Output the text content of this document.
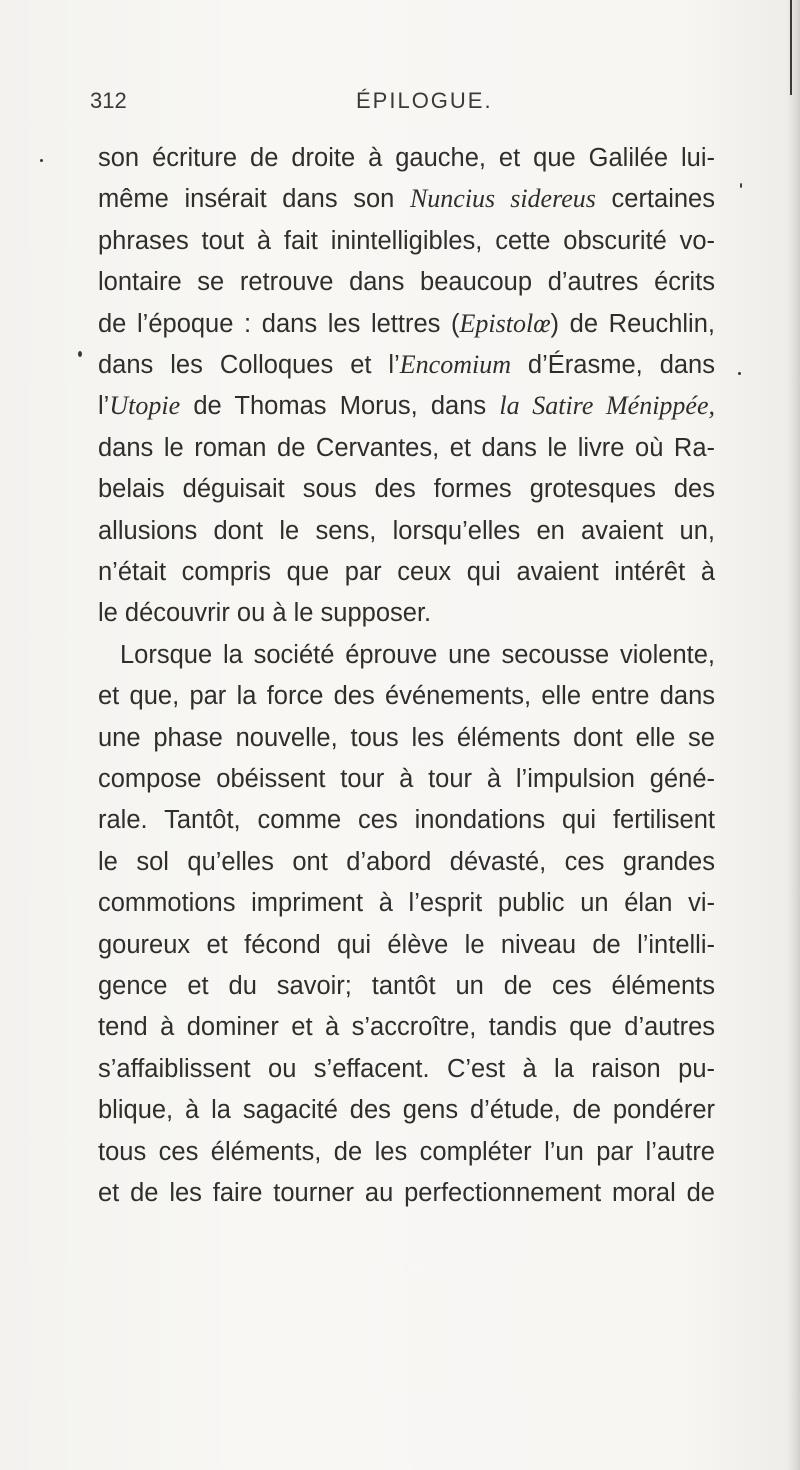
312	ÉPILOGUE.
son écriture de droite à gauche, et que Galilée lui-
même insérait dans son Nuncius sidereus certaines
phrases tout à fait inintelligibles, cette obscurité vo-
lontaire se retrouve dans beaucoup d’autres écrits
de l’époque : dans les lettres (Epistolœ) de Reuchlin,
dans les Colloques et l’Encomium d’Érasme, dans
l’Utopie de Thomas Morus, dans la Satire Ménippée,
dans le roman de Cervantes, et dans le livre où Ra-
belais déguisait sous des formes grotesques des
allusions dont le sens, lorsqu’elles en avaient un,
n’était compris que par ceux qui avaient intérêt à
le découvrir ou à le supposer.
Lorsque la société éprouve une secousse violente,
et que, par la force des événements, elle entre dans
une phase nouvelle, tous les éléments dont elle se
compose obéissent tour à tour à l’impulsion géné-
rale. Tantôt, comme ces inondations qui fertilisent
le sol qu’elles ont d’abord dévasté, ces grandes
commotions impriment à l’esprit public un élan vi-
goureux et fécond qui élève le niveau de l’intelli-
gence et du savoir; tantôt un de ces éléments
tend à dominer et à s’accroître, tandis que d’autres
s’affaiblissent ou s’effacent. C’est à la raison pu-
blique, à la sagacité des gens d’étude, de pondérer
tous ces éléments, de les compléter l’un par l’autre
et de les faire tourner au perfectionnement moral de
